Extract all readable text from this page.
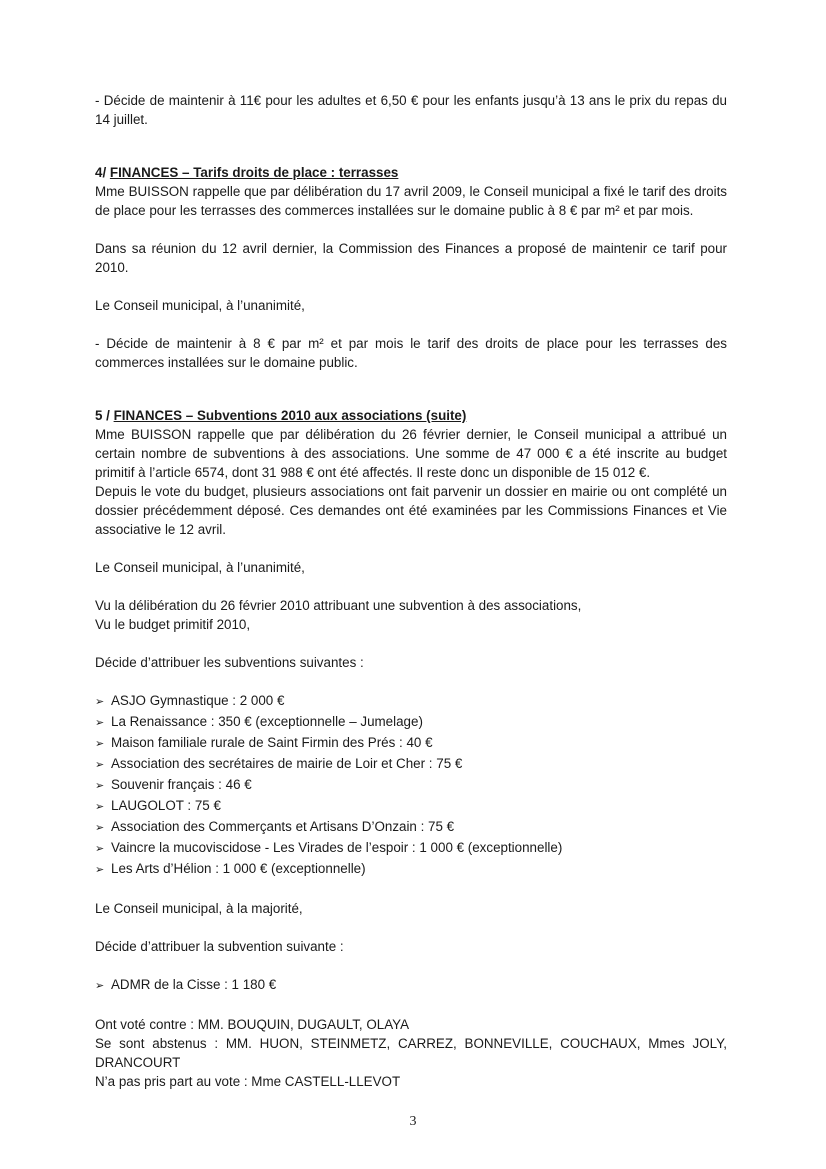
- Décide de maintenir à 11€ pour les adultes et 6,50 € pour les enfants jusqu’à 13 ans le prix du repas du 14 juillet.

4/ FINANCES – Tarifs droits de place : terrasses

Mme BUISSON rappelle que par délibération du 17 avril 2009, le Conseil municipal a fixé le tarif des droits de place pour les terrasses des commerces installées sur le domaine public à 8 € par m² et par mois.

Dans sa réunion du 12 avril dernier, la Commission des Finances a proposé de maintenir ce tarif pour 2010.

Le Conseil municipal, à l’unanimité,

- Décide de maintenir à 8 € par m² et par mois le tarif des droits de place pour les terrasses des commerces installées sur le domaine public.

5 / FINANCES – Subventions 2010 aux associations (suite)

Mme BUISSON rappelle que par délibération du 26 février dernier, le Conseil municipal a attribué un certain nombre de subventions à des associations. Une somme de 47 000 € a été inscrite au budget primitif à l’article 6574, dont 31 988 € ont été affectés. Il reste donc un disponible de 15 012 €.

Depuis le vote du budget, plusieurs associations ont fait parvenir un dossier en mairie ou ont complété un dossier précédemment déposé. Ces demandes ont été examinées par les Commissions Finances et Vie associative le 12 avril.

Le Conseil municipal, à l’unanimité,

Vu la délibération du 26 février 2010 attribuant une subvention à des associations,

Vu le budget primitif 2010,

Décide d’attribuer les subventions suivantes :

➢ ASJO Gymnastique : 2 000 €
➢ La Renaissance : 350 € (exceptionnelle – Jumelage)
➢ Maison familiale rurale de Saint Firmin des Prés : 40 €
➢ Association des secrétaires de mairie de Loir et Cher : 75 €
➢ Souvenir français : 46 €
➢ LAUGOLOT : 75 €
➢ Association des Commerçants et Artisans D’Onzain : 75 €
➢ Vaincre la mucoviscidose - Les Virades de l’espoir : 1 000 € (exceptionnelle)
➢ Les Arts d’Hélion : 1 000 € (exceptionnelle)

Le Conseil municipal, à la majorité,

Décide d’attribuer la subvention suivante :

➢ ADMR de la Cisse : 1 180 €

Ont voté contre : MM. BOUQUIN, DUGAULT, OLAYA

Se sont abstenus : MM. HUON, STEINMETZ, CARREZ, BONNEVILLE, COUCHAUX, Mmes JOLY,

DRANCOURT

N’a pas pris part au vote : Mme CASTELL-LLEVOT

3
